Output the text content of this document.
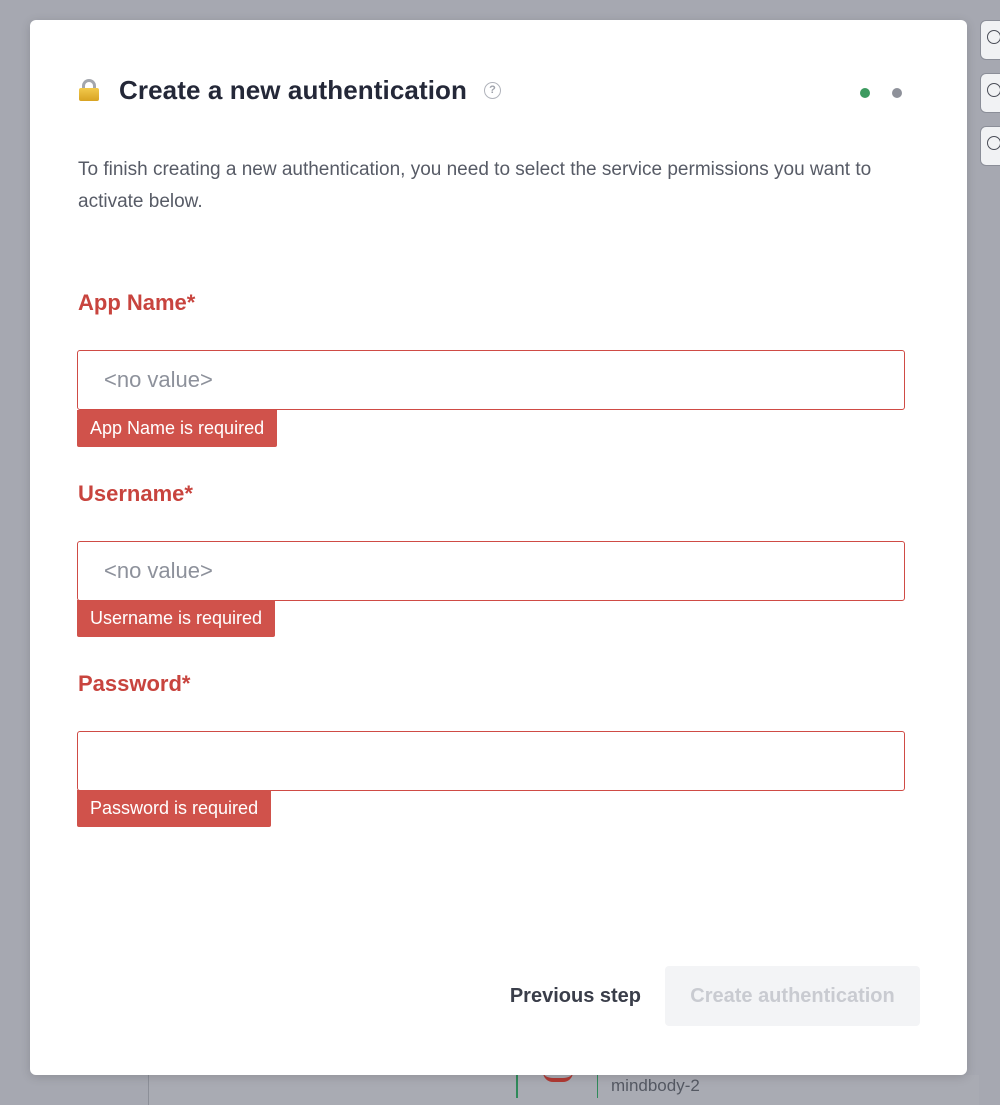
mindbody-2
Create a new authentication	?

To finish creating a new authentication, you need to select the service permissions you want to activate below.

App Name*
<no value>
App Name is required
Username*
<no value>
Username is required
Password*
Password is required
Previous step	Create authentication
